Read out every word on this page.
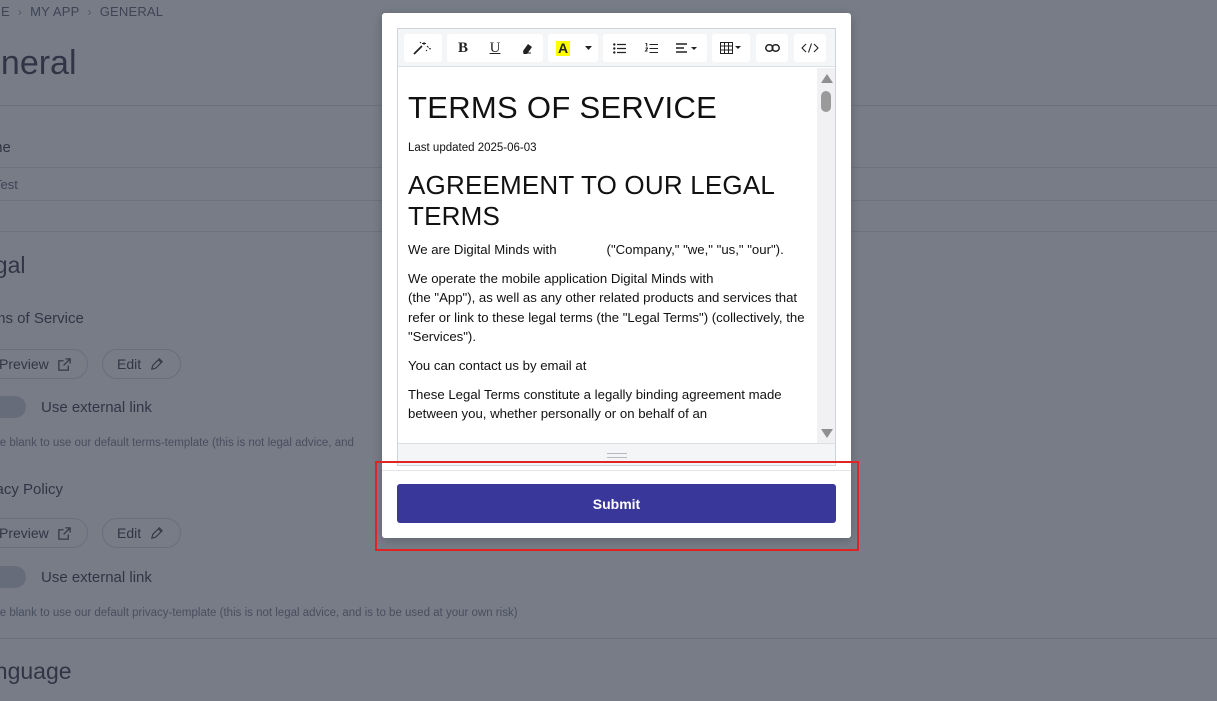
B U	A
TERMS OF SERVICE
Last updated 2025-06-03
AGREEMENT TO OUR LEGAL TERMS

We are Digital Minds with	("Company," "we," "us," "our").

We operate the mobile application Digital Minds with
(the "App"), as well as any other related products and services that refer or link to these legal terms (the "Legal Terms") (collectively, the "Services").

You can contact us by email at

These Legal Terms constitute a legally binding agreement made between you, whether personally or on behalf of an

Submit
